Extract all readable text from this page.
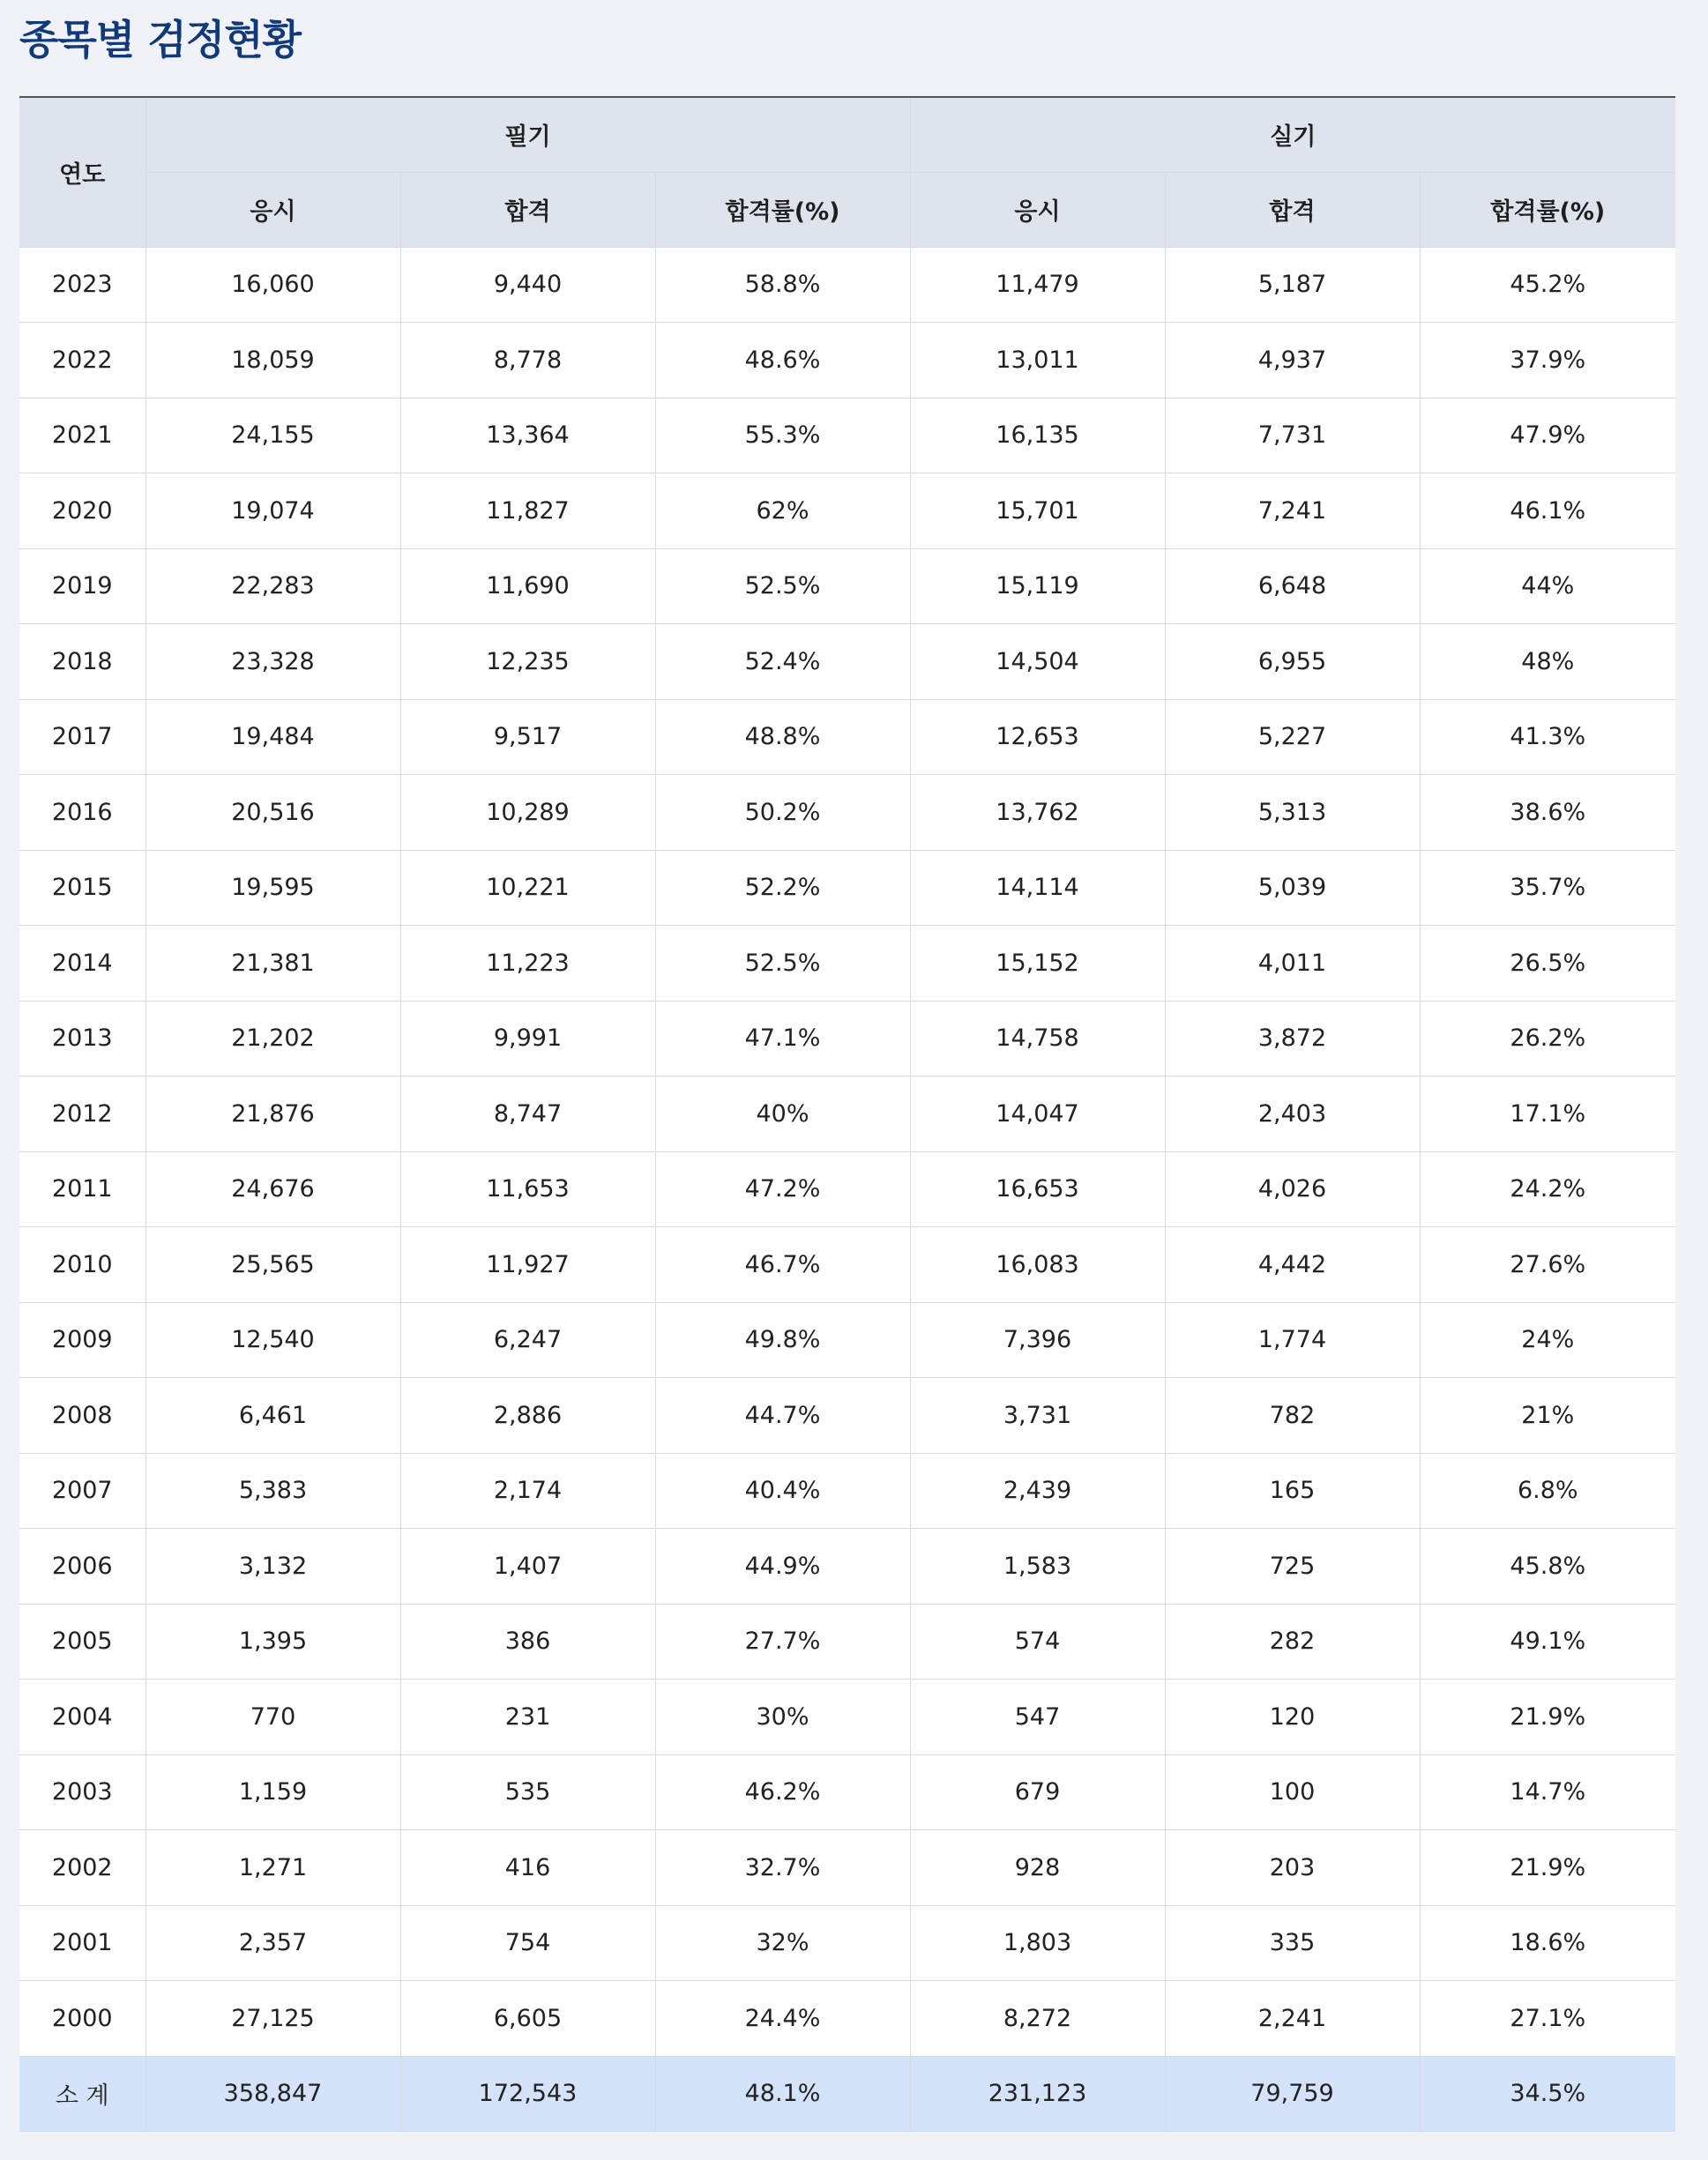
종목별 검정현황
연도	필기			실기		
	응시	합격	합격률(%)	응시	합격	합격률(%)
2023	16,060	9,440	58.8%	11,479	5,187	45.2%
2022	18,059	8,778	48.6%	13,011	4,937	37.9%
2021	24,155	13,364	55.3%	16,135	7,731	47.9%
2020	19,074	11,827	62%	15,701	7,241	46.1%
2019	22,283	11,690	52.5%	15,119	6,648	44%
2018	23,328	12,235	52.4%	14,504	6,955	48%
2017	19,484	9,517	48.8%	12,653	5,227	41.3%
2016	20,516	10,289	50.2%	13,762	5,313	38.6%
2015	19,595	10,221	52.2%	14,114	5,039	35.7%
2014	21,381	11,223	52.5%	15,152	4,011	26.5%
2013	21,202	9,991	47.1%	14,758	3,872	26.2%
2012	21,876	8,747	40%	14,047	2,403	17.1%
2011	24,676	11,653	47.2%	16,653	4,026	24.2%
2010	25,565	11,927	46.7%	16,083	4,442	27.6%
2009	12,540	6,247	49.8%	7,396	1,774	24%
2008	6,461	2,886	44.7%	3,731	782	21%
2007	5,383	2,174	40.4%	2,439	165	6.8%
2006	3,132	1,407	44.9%	1,583	725	45.8%
2005	1,395	386	27.7%	574	282	49.1%
2004	770	231	30%	547	120	21.9%
2003	1,159	535	46.2%	679	100	14.7%
2002	1,271	416	32.7%	928	203	21.9%
2001	2,357	754	32%	1,803	335	18.6%
2000	27,125	6,605	24.4%	8,272	2,241	27.1%
소 계	358,847	172,543	48.1%	231,123	79,759	34.5%
